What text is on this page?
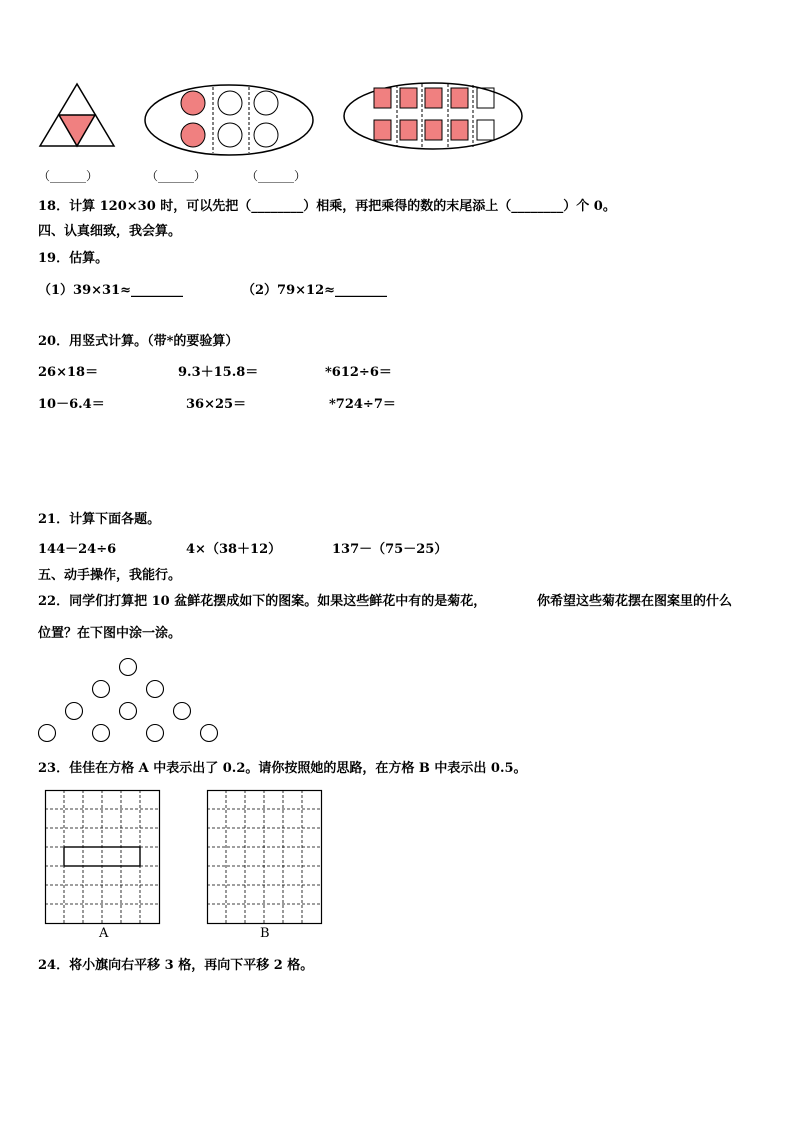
（______）	（______）	（______）
18．计算 120×30 时，可以先把（________）相乘，再把乘得的数的末尾添上（________）个 0。
四、认真细致，我会算。
19．估算。
（1）39×31≈________	（2）79×12≈________
20．用竖式计算。（带*的要验算）
26×18＝	9.3＋15.8＝	*612÷6＝
10－6.4＝	36×25＝	*724÷7＝
21．计算下面各题。
144－24÷6	4×（38＋12）	137－（75－25）
五、动手操作，我能行。
22．同学们打算把 10 盆鲜花摆成如下的图案。如果这些鲜花中有的是菊花，	你希望这些菊花摆在图案里的什么
位置？在下图中涂一涂。
23．佳佳在方格 A 中表示出了 0.2。请你按照她的思路，在方格 B 中表示出 0.5。
A	B
24．将小旗向右平移 3 格，再向下平移 2 格。
